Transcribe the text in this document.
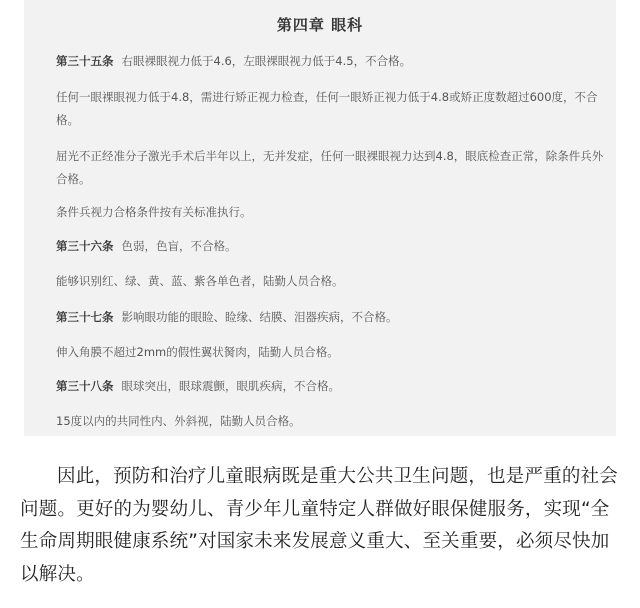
第四章 眼科

第三十五条 右眼裸眼视力低于4.6，左眼裸眼视力低于4.5，不合格。

任何一眼裸眼视力低于4.8，需进行矫正视力检查，任何一眼矫正视力低于4.8或矫正度数超过600度，不合格。

屈光不正经准分子激光手术后半年以上，无并发症，任何一眼裸眼视力达到4.8，眼底检查正常，除条件兵外合格。

条件兵视力合格条件按有关标准执行。

第三十六条 色弱，色盲，不合格。

能够识别红、绿、黄、蓝、紫各单色者，陆勤人员合格。

第三十七条 影响眼功能的眼睑、睑缘、结膜、泪器疾病，不合格。

伸入角膜不超过2mm的假性翼状胬肉，陆勤人员合格。

第三十八条 眼球突出，眼球震颤，眼肌疾病，不合格。

15度以内的共同性内、外斜视，陆勤人员合格。

因此，预防和治疗儿童眼病既是重大公共卫生问题，也是严重的社会问题。更好的为婴幼儿、青少年儿童特定人群做好眼保健服务，实现“全生命周期眼健康系统”对国家未来发展意义重大、至关重要，必须尽快加以解决。
